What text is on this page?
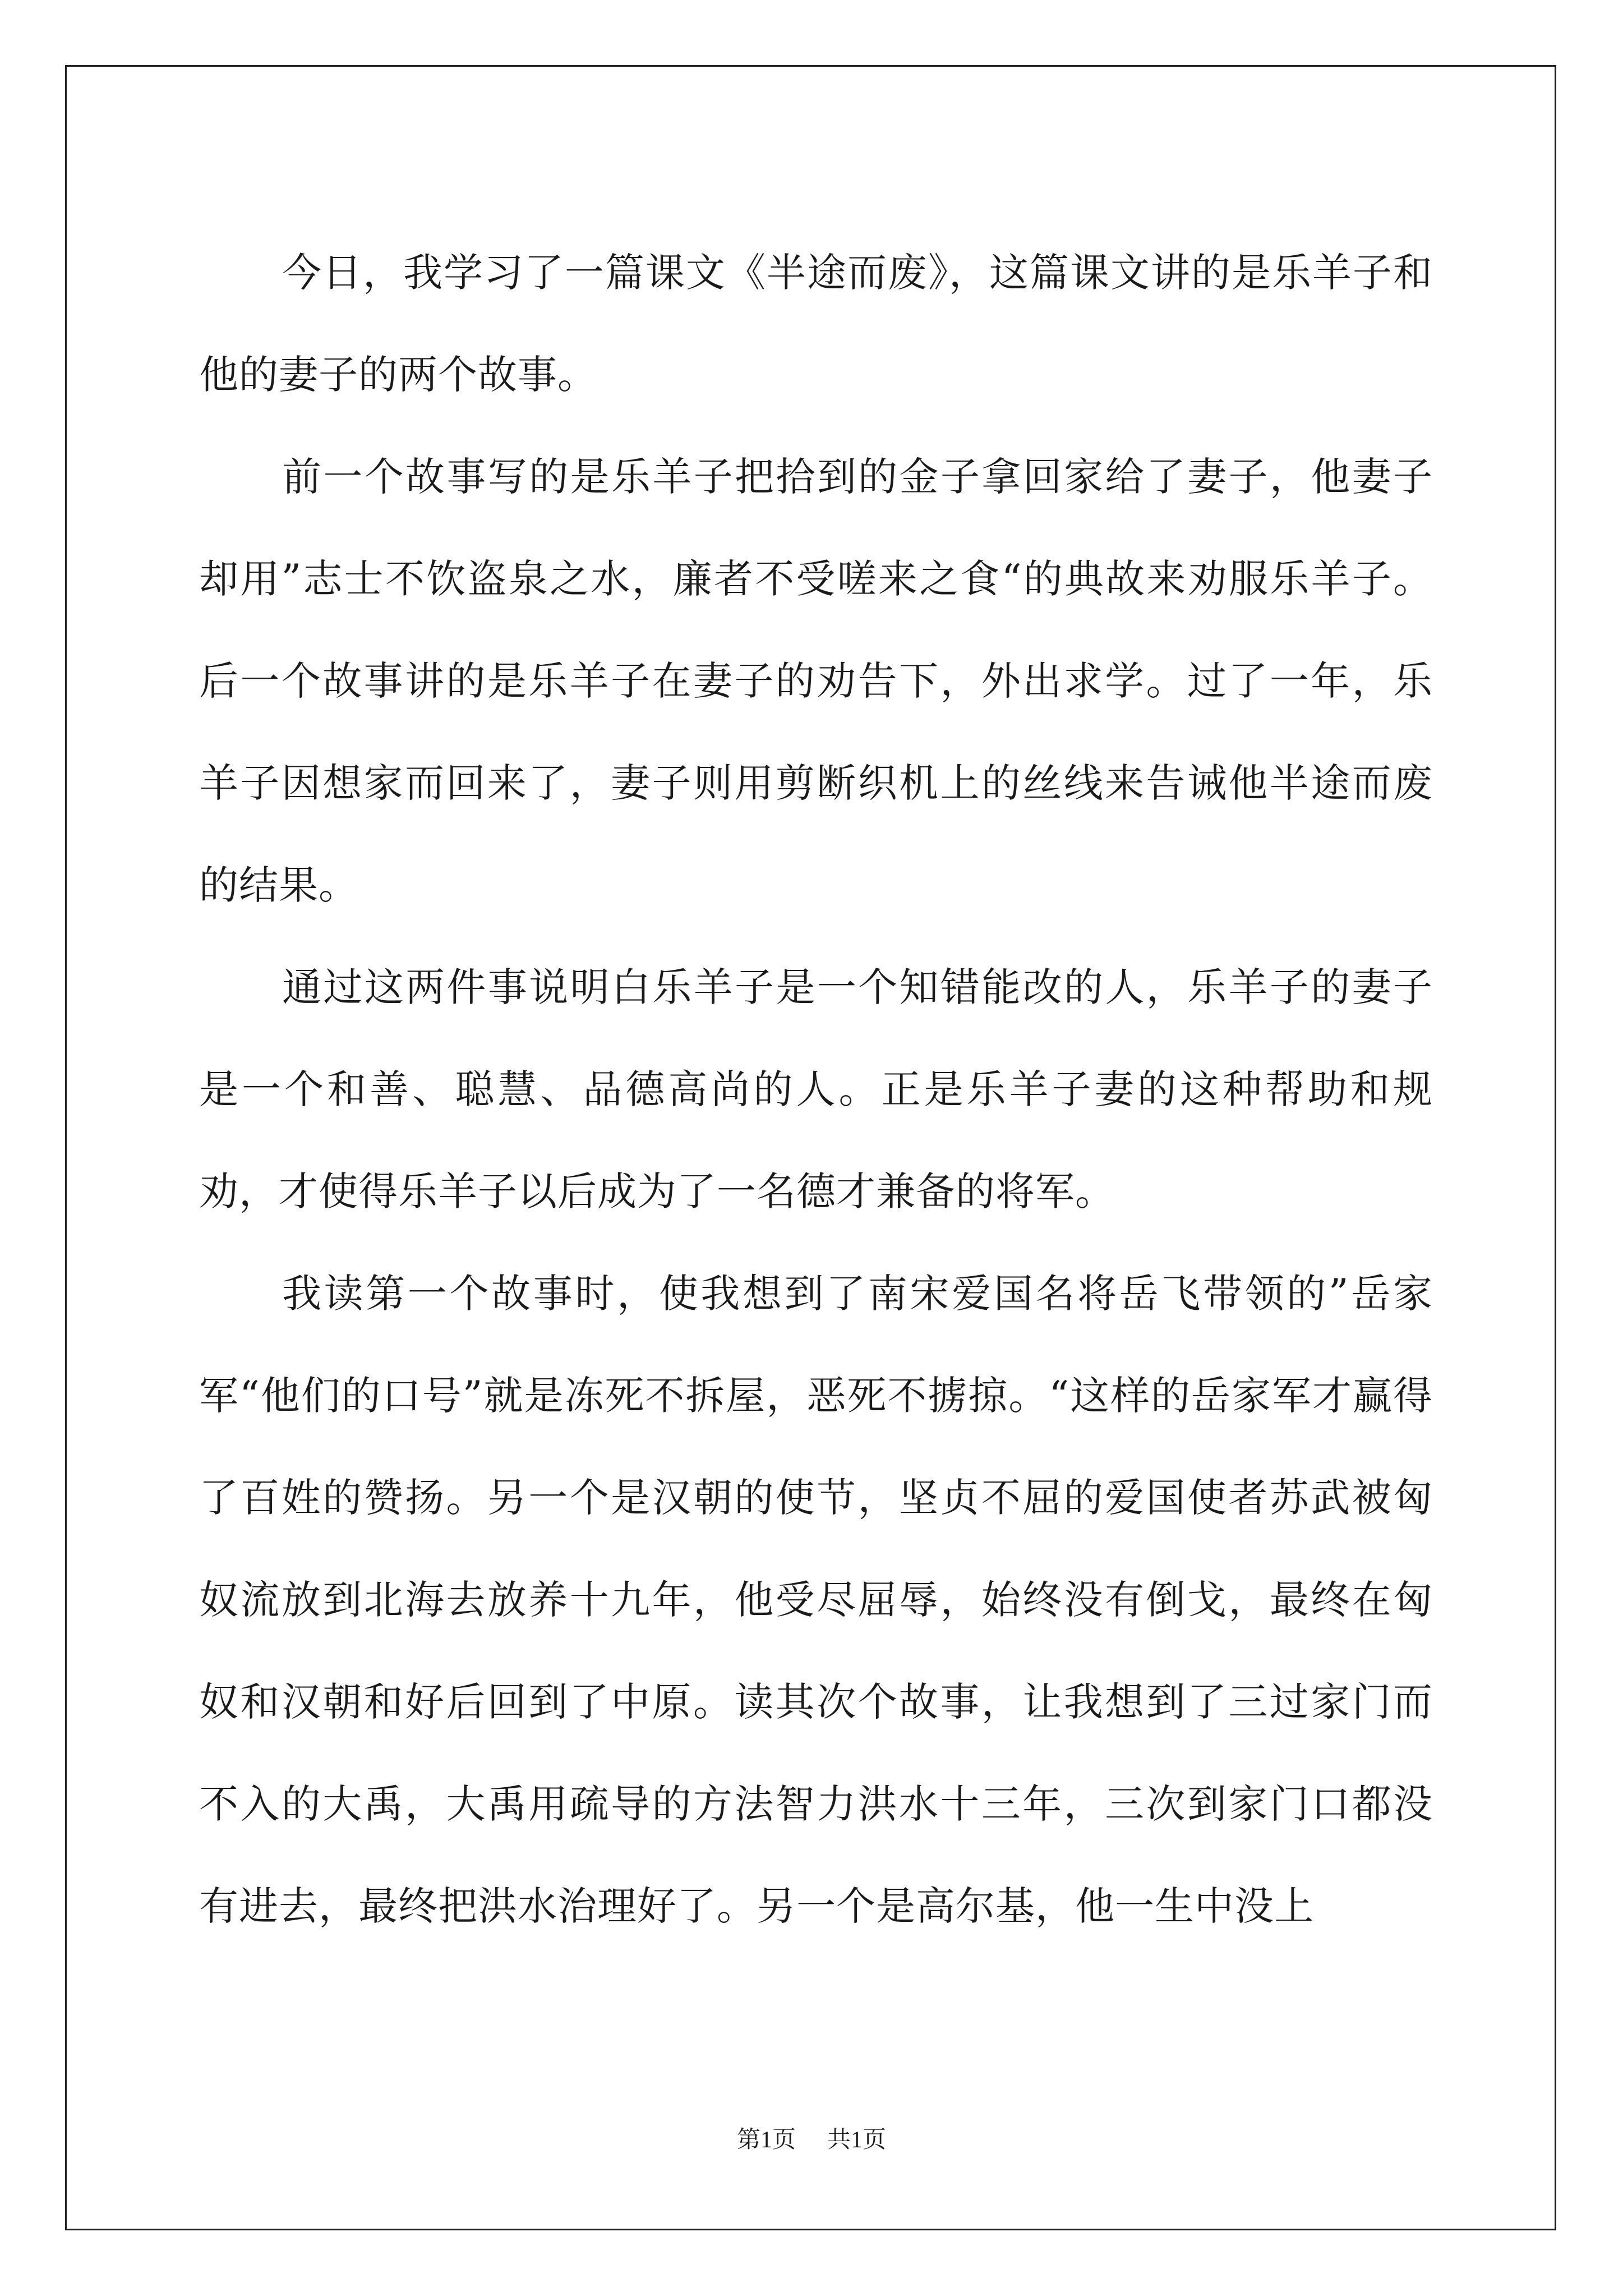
今日，我学习了一篇课文《半途而废》，这篇课文讲的是乐羊子和他的妻子的两个故事。

前一个故事写的是乐羊子把拾到的金子拿回家给了妻子，他妻子却用”志士不饮盗泉之水，廉者不受嗟来之食“的典故来劝服乐羊子。后一个故事讲的是乐羊子在妻子的劝告下，外出求学。过了一年，乐羊子因想家而回来了，妻子则用剪断织机上的丝线来告诫他半途而废的结果。

通过这两件事说明白乐羊子是一个知错能改的人，乐羊子的妻子是一个和善、聪慧、品德高尚的人。正是乐羊子妻的这种帮助和规劝，才使得乐羊子以后成为了一名德才兼备的将军。

我读第一个故事时，使我想到了南宋爱国名将岳飞带领的”岳家军“他们的口号”就是冻死不拆屋，恶死不掳掠。“这样的岳家军才赢得了百姓的赞扬。另一个是汉朝的使节，坚贞不屈的爱国使者苏武被匈奴流放到北海去放养十九年，他受尽屈辱，始终没有倒戈，最终在匈奴和汉朝和好后回到了中原。读其次个故事，让我想到了三过家门而不入的大禹，大禹用疏导的方法智力洪水十三年，三次到家门口都没有进去，最终把洪水治理好了。另一个是高尔基，他一生中没上

第1页 共1页
